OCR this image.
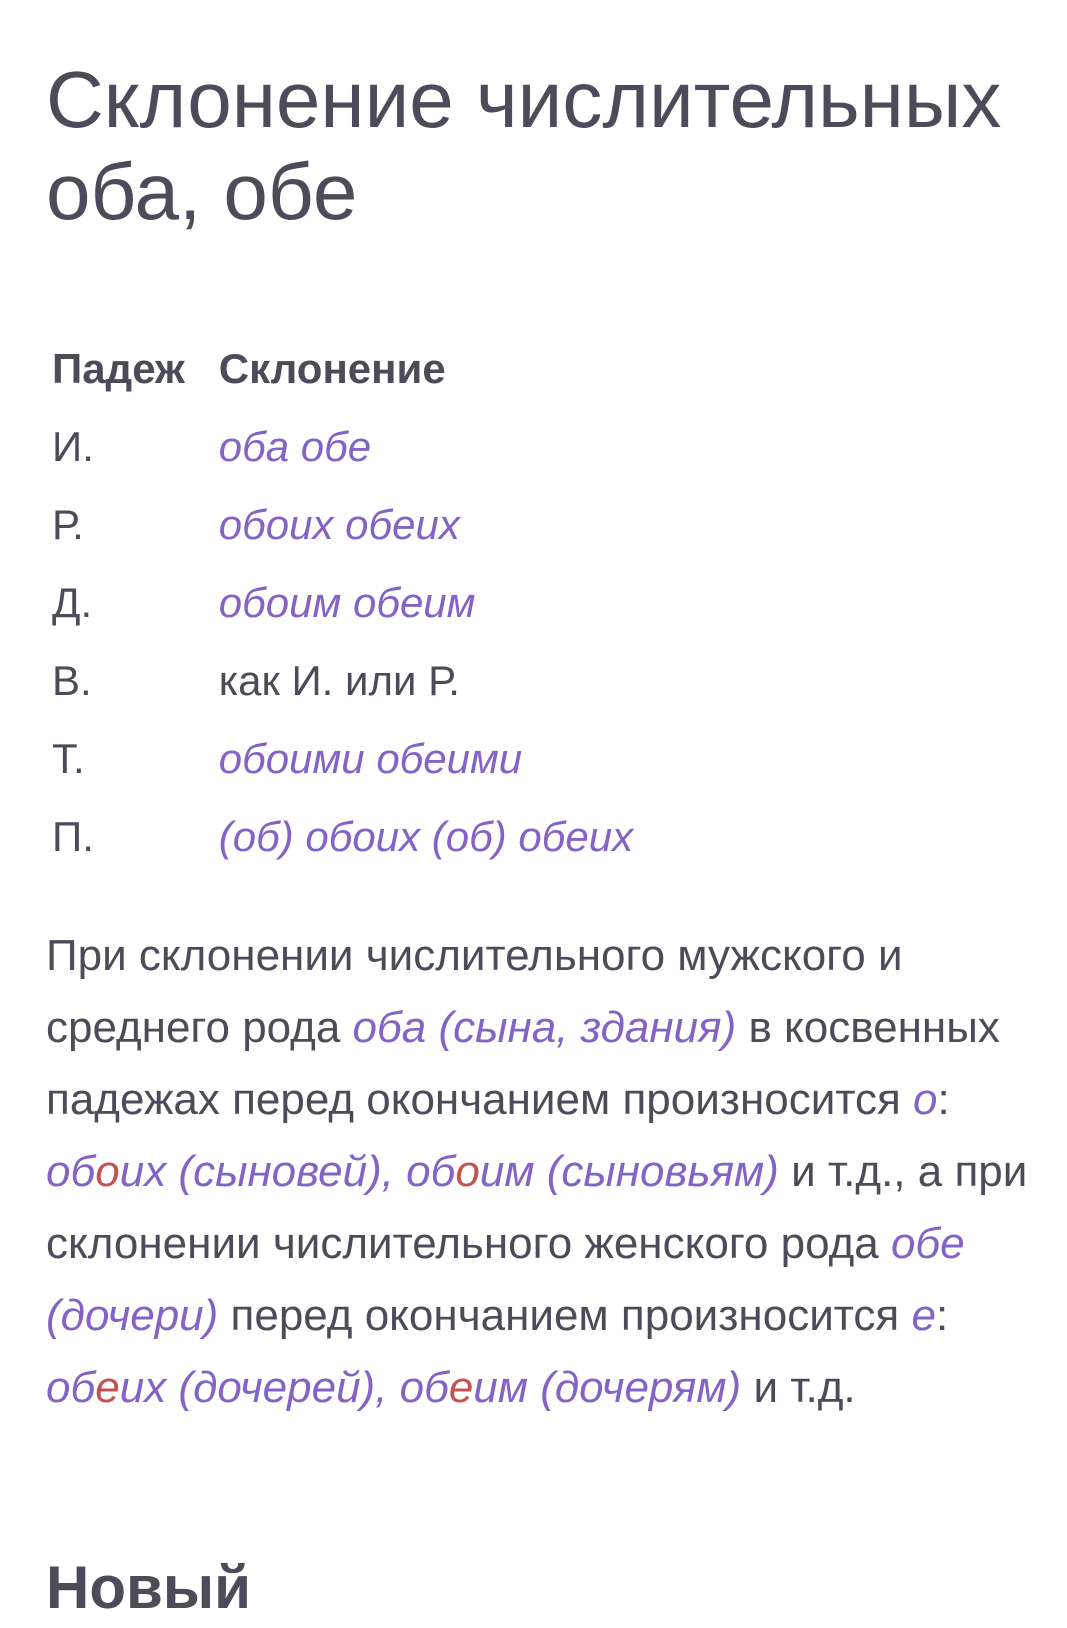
Склонение числительных оба, обе
Падеж	Склонение
И.	оба обе
Р.	обоих обеих
Д.	обоим обеим
В.	как И. или Р.
Т.	обоими обеими
П.	(об) обоих (об) обеих

При склонении числительного мужского и среднего рода оба (сына, здания) в косвенных падежах перед окончанием произносится о: обоих (сыновей), обоим (сыновьям) и т.д., а при склонении числительного женского рода обе (дочери) перед окончанием произносится е: обеих (дочерей), обеим (дочерям) и т.д.

Новый
